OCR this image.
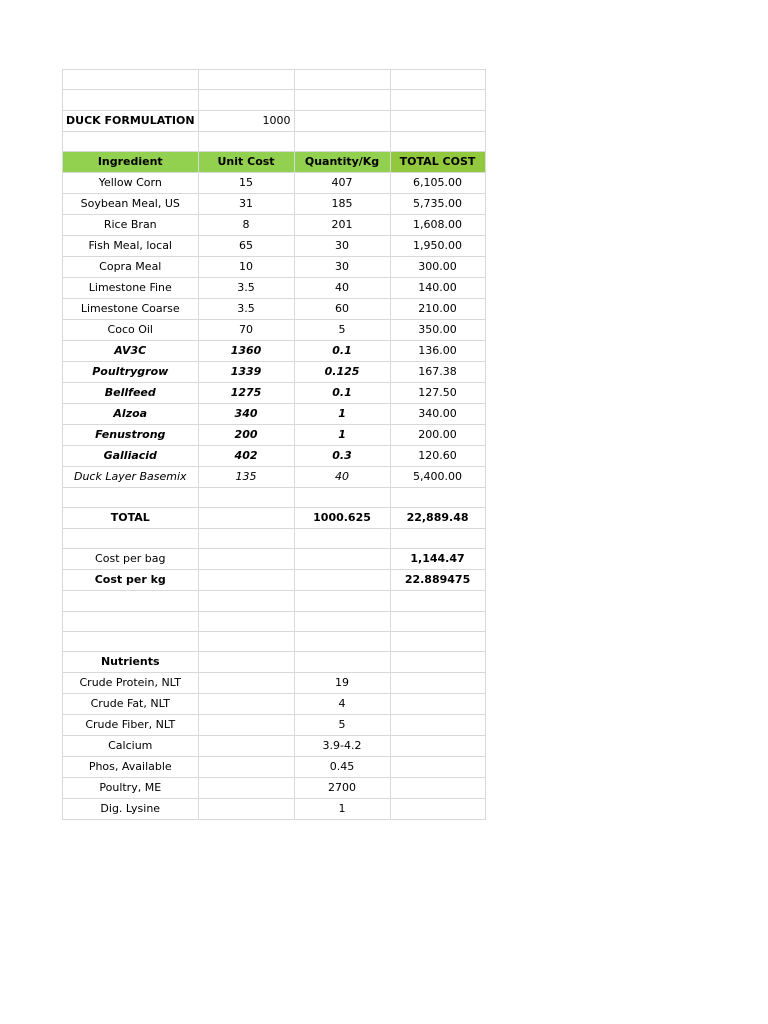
DUCK FORMULATION	1000		

Ingredient	Unit Cost	Quantity/Kg	TOTAL COST
Yellow Corn	15	407	6,105.00
Soybean Meal, US	31	185	5,735.00
Rice Bran	8	201	1,608.00
Fish Meal, local	65	30	1,950.00
Copra Meal	10	30	300.00
Limestone Fine	3.5	40	140.00
Limestone Coarse	3.5	60	210.00
Coco Oil	70	5	350.00
AV3C	1360	0.1	136.00
Poultrygrow	1339	0.125	167.38
Bellfeed	1275	0.1	127.50
Alzoa	340	1	340.00
Fenustrong	200	1	200.00
Galliacid	402	0.3	120.60
Duck Layer Basemix	135	40	5,400.00

TOTAL		1000.625	22,889.48

Cost per bag			1,144.47
Cost per kg			22.889475

Nutrients			
Crude Protein, NLT		19	
Crude Fat, NLT		4	
Crude Fiber, NLT		5	
Calcium		3.9-4.2	
Phos, Available		0.45	
Poultry, ME		2700	
Dig. Lysine		1	
